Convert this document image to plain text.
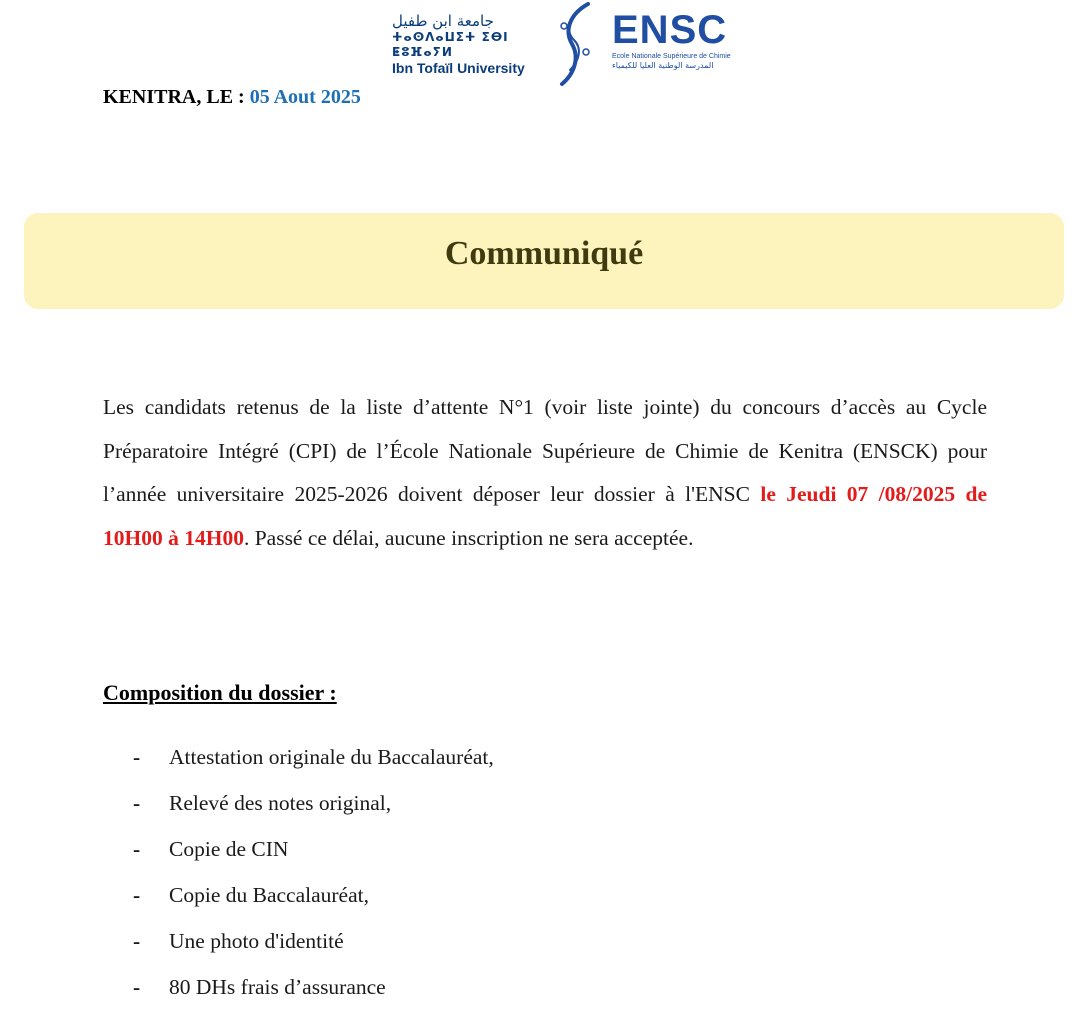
جامعة ابن طفيل
ⵜⴰⵙⴷⴰⵡⵉⵜ ⵉⴱⵏ ⵟⵓⴼⴰⵢⵍ
Ibn Tofaïl University
ENSC
Ecole Nationale Supérieure de Chimie
المدرسة الوطنية العليا للكيمياء
KENITRA, LE : 05 Aout 2025
Communiqué

Les candidats retenus de la liste d’attente N°1 (voir liste jointe) du concours d’accès au Cycle Préparatoire Intégré (CPI) de l’École Nationale Supérieure de Chimie de Kenitra (ENSCK) pour l’année universitaire 2025-2026 doivent déposer leur dossier à l'ENSC le Jeudi 07 /08/2025 de 10H00 à 14H00. Passé ce délai, aucune inscription ne sera acceptée.

Composition du dossier :
- Attestation originale du Baccalauréat,
- Relevé des notes original,
- Copie de CIN
- Copie du Baccalauréat,
- Une photo d'identité
- 80 DHs frais d’assurance
